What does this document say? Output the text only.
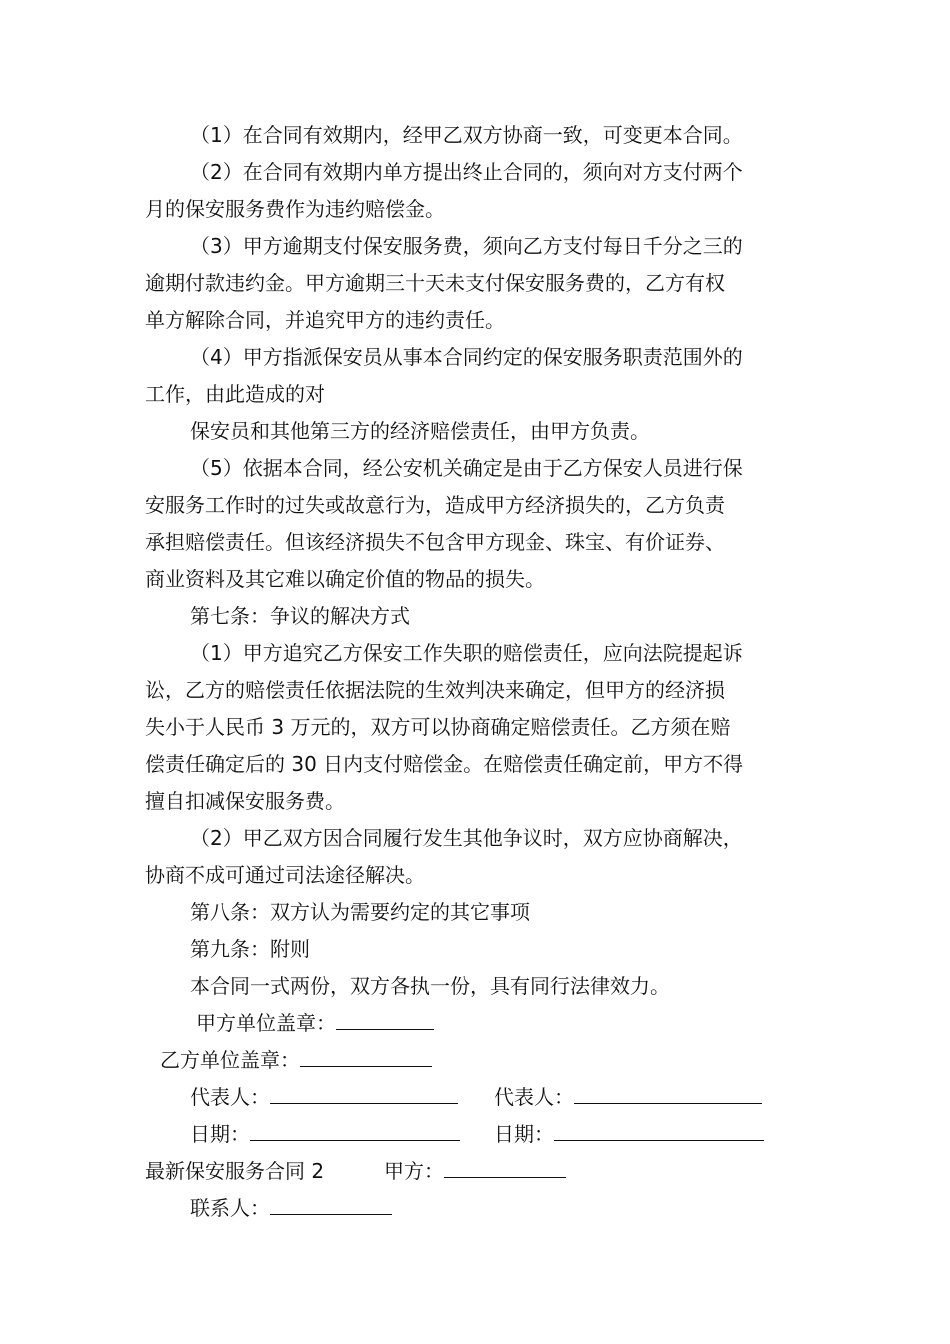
（1）在合同有效期内，经甲乙双方协商一致，可变更本合同。
（2）在合同有效期内单方提出终止合同的，须向对方支付两个
月的保安服务费作为违约赔偿金。
（3）甲方逾期支付保安服务费，须向乙方支付每日千分之三的
逾期付款违约金。甲方逾期三十天未支付保安服务费的，乙方有权
单方解除合同，并追究甲方的违约责任。
（4）甲方指派保安员从事本合同约定的保安服务职责范围外的
工作，由此造成的对
保安员和其他第三方的经济赔偿责任，由甲方负责。
（5）依据本合同，经公安机关确定是由于乙方保安人员进行保
安服务工作时的过失或故意行为，造成甲方经济损失的，乙方负责
承担赔偿责任。但该经济损失不包含甲方现金、珠宝、有价证券、
商业资料及其它难以确定价值的物品的损失。
第七条：争议的解决方式
（1）甲方追究乙方保安工作失职的赔偿责任，应向法院提起诉
讼，乙方的赔偿责任依据法院的生效判决来确定，但甲方的经济损
失小于人民币 3 万元的，双方可以协商确定赔偿责任。乙方须在赔
偿责任确定后的 30 日内支付赔偿金。在赔偿责任确定前，甲方不得
擅自扣减保安服务费。
（2）甲乙双方因合同履行发生其他争议时，双方应协商解决，
协商不成可通过司法途径解决。
第八条：双方认为需要约定的其它事项
第九条：附则
本合同一式两份，双方各执一份，具有同行法律效力。
甲方单位盖章：
乙方单位盖章：
代表人：	代表人：
日期：	日期：
最新保安服务合同 2	甲方：
联系人：
